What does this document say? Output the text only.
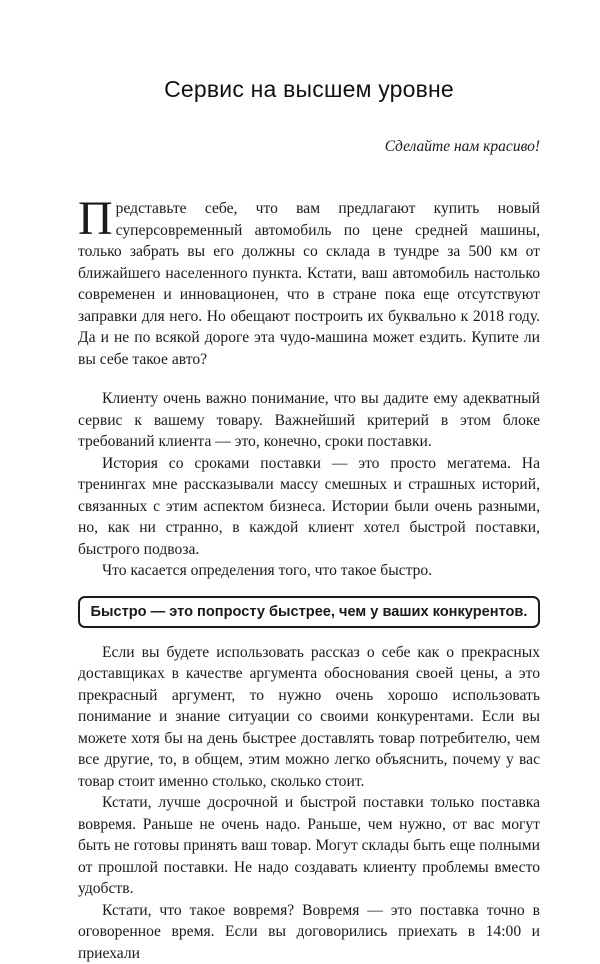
Сервис на высшем уровне

Сделайте нам красиво!

Представьте себе, что вам предлагают купить новый суперсовременный автомобиль по цене средней машины, только забрать вы его должны со склада в тундре за 500 км от ближайшего населенного пункта. Кстати, ваш автомобиль настолько современен и инновационен, что в стране пока еще отсутствуют заправки для него. Но обещают построить их буквально к 2018 году. Да и не по всякой дороге эта чудо-машина может ездить. Купите ли вы себе такое авто?

Клиенту очень важно понимание, что вы дадите ему адекватный сервис к вашему товару. Важнейший критерий в этом блоке требований клиента — это, конечно, сроки поставки.

История со сроками поставки — это просто мегатема. На тренингах мне рассказывали массу смешных и страшных историй, связанных с этим аспектом бизнеса. Истории были очень разными, но, как ни странно, в каждой клиент хотел быстрой поставки, быстрого подвоза.

Что касается определения того, что такое быстро.

Быстро — это попросту быстрее, чем у ваших конкурентов.

Если вы будете использовать рассказ о себе как о прекрасных доставщиках в качестве аргумента обоснования своей цены, а это прекрасный аргумент, то нужно очень хорошо использовать понимание и знание ситуации со своими конкурентами. Если вы можете хотя бы на день быстрее доставлять товар потребителю, чем все другие, то, в общем, этим можно легко объяснить, почему у вас товар стоит именно столько, сколько стоит.

Кстати, лучше досрочной и быстрой поставки только поставка вовремя. Раньше не очень надо. Раньше, чем нужно, от вас могут быть не готовы принять ваш товар. Могут склады быть еще полными от прошлой поставки. Не надо создавать клиенту проблемы вместо удобств.

Кстати, что такое вовремя? Вовремя — это поставка точно в оговоренное время. Если вы договорились приехать в 14:00 и приехали
